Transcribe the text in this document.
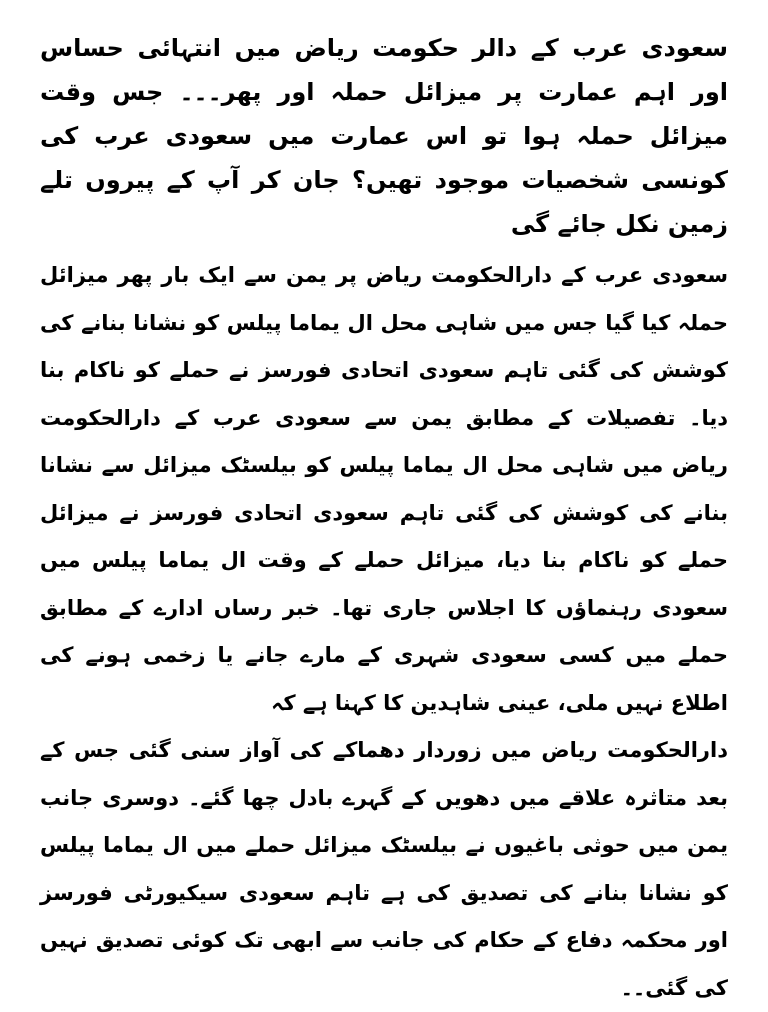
سعودی عرب کے دالر حکومت ریاض میں انتہائی حساس اور اہم عمارت پر میزائل حملہ اور پھر۔۔۔ جس وقت میزائل حملہ ہوا تو اس عمارت میں سعودی عرب کی کونسی شخصیات موجود تھیں؟ جان کر آپ کے پیروں تلے زمین نکل جائے گی

سعودی عرب کے دارالحکومت ریاض پر یمن سے ایک بار پھر میزائل حملہ کیا گیا جس میں شاہی محل ال یماما پیلس کو نشانا بنانے کی کوشش کی گئی تاہم سعودی اتحادی فورسز نے حملے کو ناکام بنا دیا۔ تفصیلات کے مطابق یمن سے سعودی عرب کے دارالحکومت ریاض میں شاہی محل ال یماما پیلس کو بیلسٹک میزائل سے نشانا بنانے کی کوشش کی گئی تاہم سعودی اتحادی فورسز نے میزائل حملے کو ناکام بنا دیا، میزائل حملے کے وقت ال یماما پیلس میں سعودی رہنماؤں کا اجلاس جاری تھا۔ خبر رساں ادارے کے مطابق حملے میں کسی سعودی شہری کے مارے جانے یا زخمی ہونے کی اطلاع نہیں ملی، عینی شاہدین کا کہنا ہے کہ

دارالحکومت ریاض میں زوردار دھماکے کی آواز سنی گئی جس کے بعد متاثرہ علاقے میں دھویں کے گہرے بادل چھا گئے۔ دوسری جانب یمن میں حوثی باغیوں نے بیلسٹک میزائل حملے میں ال یماما پیلس کو نشانا بنانے کی تصدیق کی ہے تاہم سعودی سیکیورٹی فورسز اور محکمہ دفاع کے حکام کی جانب سے ابھی تک کوئی تصدیق نہیں کی گئی۔۔
